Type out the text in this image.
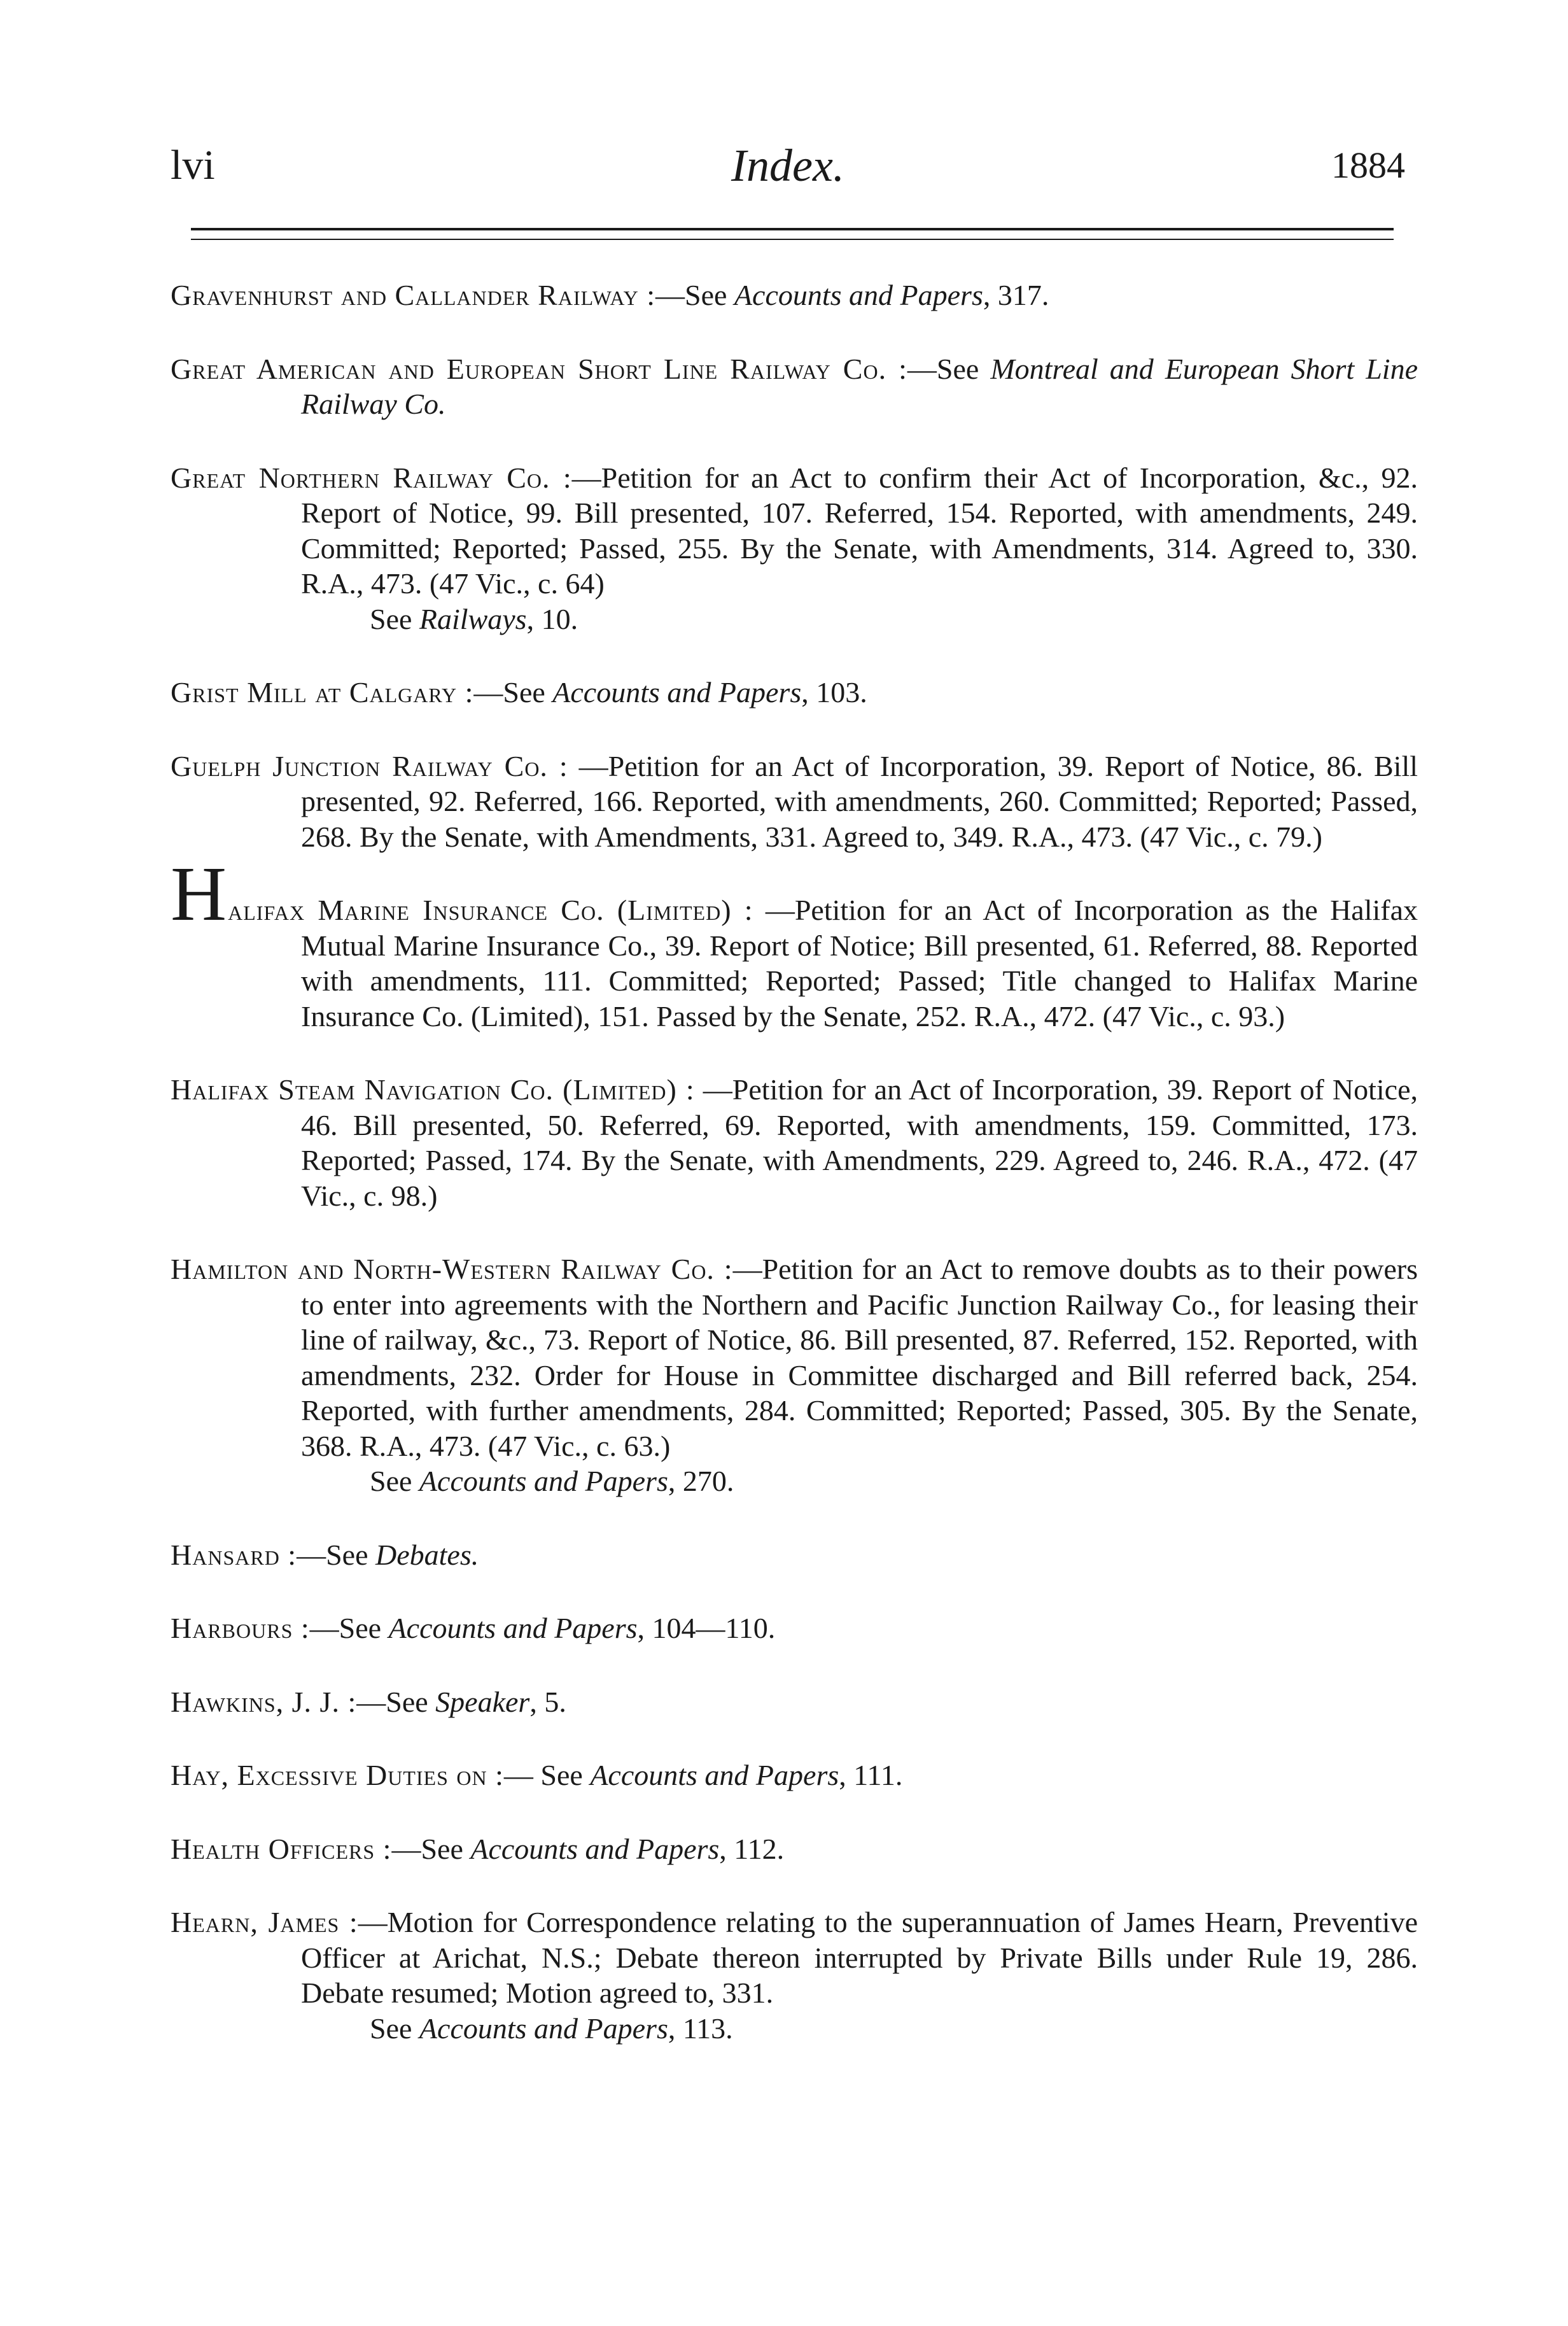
lvi	Index.	1884

Gravenhurst and Callander Railway :—See Accounts and Papers, 317.

Great American and European Short Line Railway Co. :—See Montreal and European Short Line Railway Co.

Great Northern Railway Co. :—Petition for an Act to confirm their Act of Incorporation, &c., 92. Report of Notice, 99. Bill presented, 107. Referred, 154. Reported, with amendments, 249. Committed; Reported; Passed, 255. By the Senate, with Amendments, 314. Agreed to, 330. R.A., 473. (47 Vic., c. 64)
See Railways, 10.

Grist Mill at Calgary :—See Accounts and Papers, 103.

Guelph Junction Railway Co. : —Petition for an Act of Incorporation, 39. Report of Notice, 86. Bill presented, 92. Referred, 166. Reported, with amendments, 260. Committed; Reported; Passed, 268. By the Senate, with Amendments, 331. Agreed to, 349. R.A., 473. (47 Vic., c. 79.)

Halifax Marine Insurance Co. (Limited) : —Petition for an Act of Incorporation as the Halifax Mutual Marine Insurance Co., 39. Report of Notice; Bill presented, 61. Referred, 88. Reported with amendments, 111. Committed; Reported; Passed; Title changed to Halifax Marine Insurance Co. (Limited), 151. Passed by the Senate, 252. R.A., 472. (47 Vic., c. 93.)

Halifax Steam Navigation Co. (Limited) : —Petition for an Act of Incorporation, 39. Report of Notice, 46. Bill presented, 50. Referred, 69. Reported, with amendments, 159. Committed, 173. Reported; Passed, 174. By the Senate, with Amendments, 229. Agreed to, 246. R.A., 472. (47 Vic., c. 98.)

Hamilton and North-Western Railway Co. :—Petition for an Act to remove doubts as to their powers to enter into agreements with the Northern and Pacific Junction Railway Co., for leasing their line of railway, &c., 73. Report of Notice, 86. Bill presented, 87. Referred, 152. Reported, with amendments, 232. Order for House in Committee discharged and Bill referred back, 254. Reported, with further amendments, 284. Committed; Reported; Passed, 305. By the Senate, 368. R.A., 473. (47 Vic., c. 63.)
See Accounts and Papers, 270.

Hansard :—See Debates.

Harbours :—See Accounts and Papers, 104—110.

Hawkins, J. J. :—See Speaker, 5.

Hay, Excessive Duties on :— See Accounts and Papers, 111.

Health Officers :—See Accounts and Papers, 112.

Hearn, James :—Motion for Correspondence relating to the superannuation of James Hearn, Preventive Officer at Arichat, N.S.; Debate thereon interrupted by Private Bills under Rule 19, 286. Debate resumed; Motion agreed to, 331.
See Accounts and Papers, 113.
